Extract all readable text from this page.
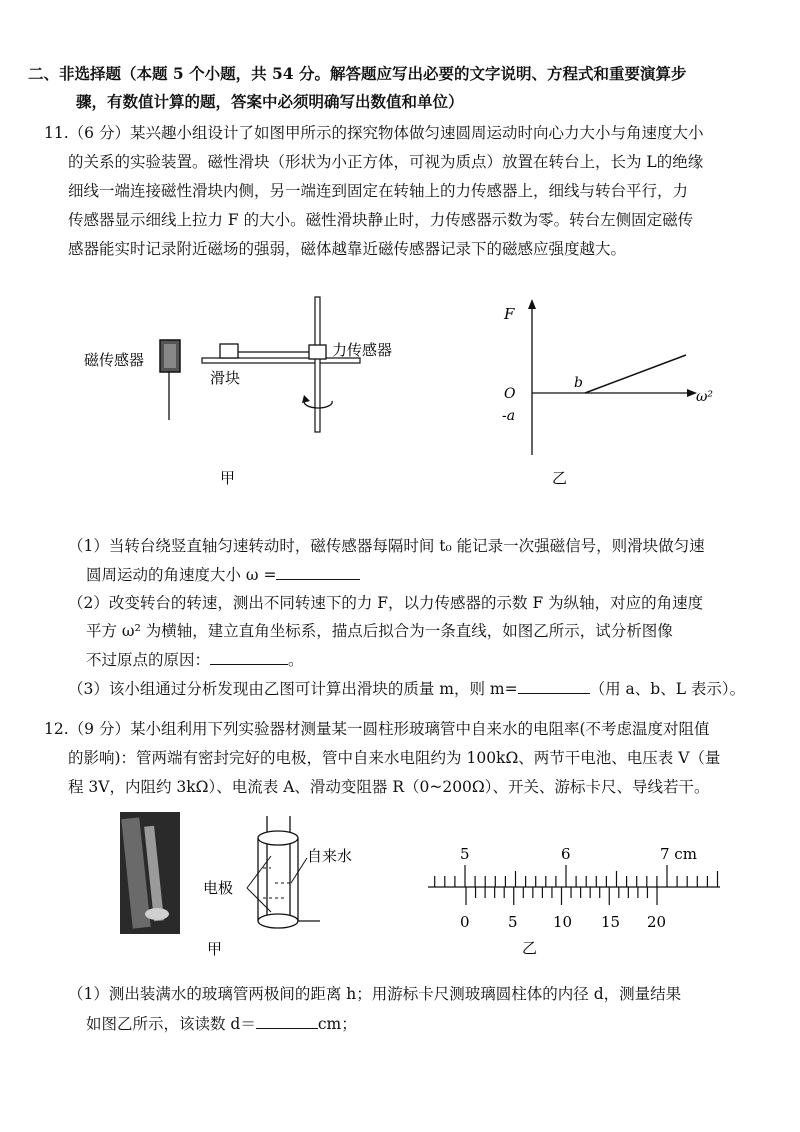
二、非选择题（本题 5 个小题，共 54 分。解答题应写出必要的文字说明、方程式和重要演算步
骤，有数值计算的题，答案中必须明确写出数值和单位）
11.（6 分）某兴趣小组设计了如图甲所示的探究物体做匀速圆周运动时向心力大小与角速度大小
的关系的实验装置。磁性滑块（形状为小正方体，可视为质点）放置在转台上，长为 L的绝缘
细线一端连接磁性滑块内侧，另一端连到固定在转轴上的力传感器上，细线与转台平行，力
传感器显示细线上拉力 F 的大小。磁性滑块静止时，力传感器示数为零。转台左侧固定磁传
感器能实时记录附近磁场的强弱，磁体越靠近磁传感器记录下的磁感应强度越大。
磁传感器
滑块
力传感器
甲
F
O
-a
b
ω²
乙
（1）当转台绕竖直轴匀速转动时，磁传感器每隔时间 t₀ 能记录一次强磁信号，则滑块做匀速
圆周运动的角速度大小 ω =
（2）改变转台的转速，测出不同转速下的力 F，以力传感器的示数 F 为纵轴，对应的角速度
平方 ω² 为横轴，建立直角坐标系，描点后拟合为一条直线，如图乙所示，试分析图像
不过原点的原因：	。
（3）该小组通过分析发现由乙图可计算出滑块的质量 m，则 m=	（用 a、b、L 表示）。
12.（9 分）某小组利用下列实验器材测量某一圆柱形玻璃管中自来水的电阻率(不考虑温度对阻值
的影响)：管两端有密封完好的电极，管中自来水电阻约为 100kΩ、两节干电池、电压表 V（量
程 3V，内阻约 3kΩ）、电流表 A、滑动变阻器 R（0~200Ω）、开关、游标卡尺、导线若干。
电极
自来水
甲
5	6	7 cm
0	5 10 15 20
乙
（1）测出装满水的玻璃管两极间的距离 h；用游标卡尺测玻璃圆柱体的内径 d，测量结果
如图乙所示，该读数 d＝	cm；
